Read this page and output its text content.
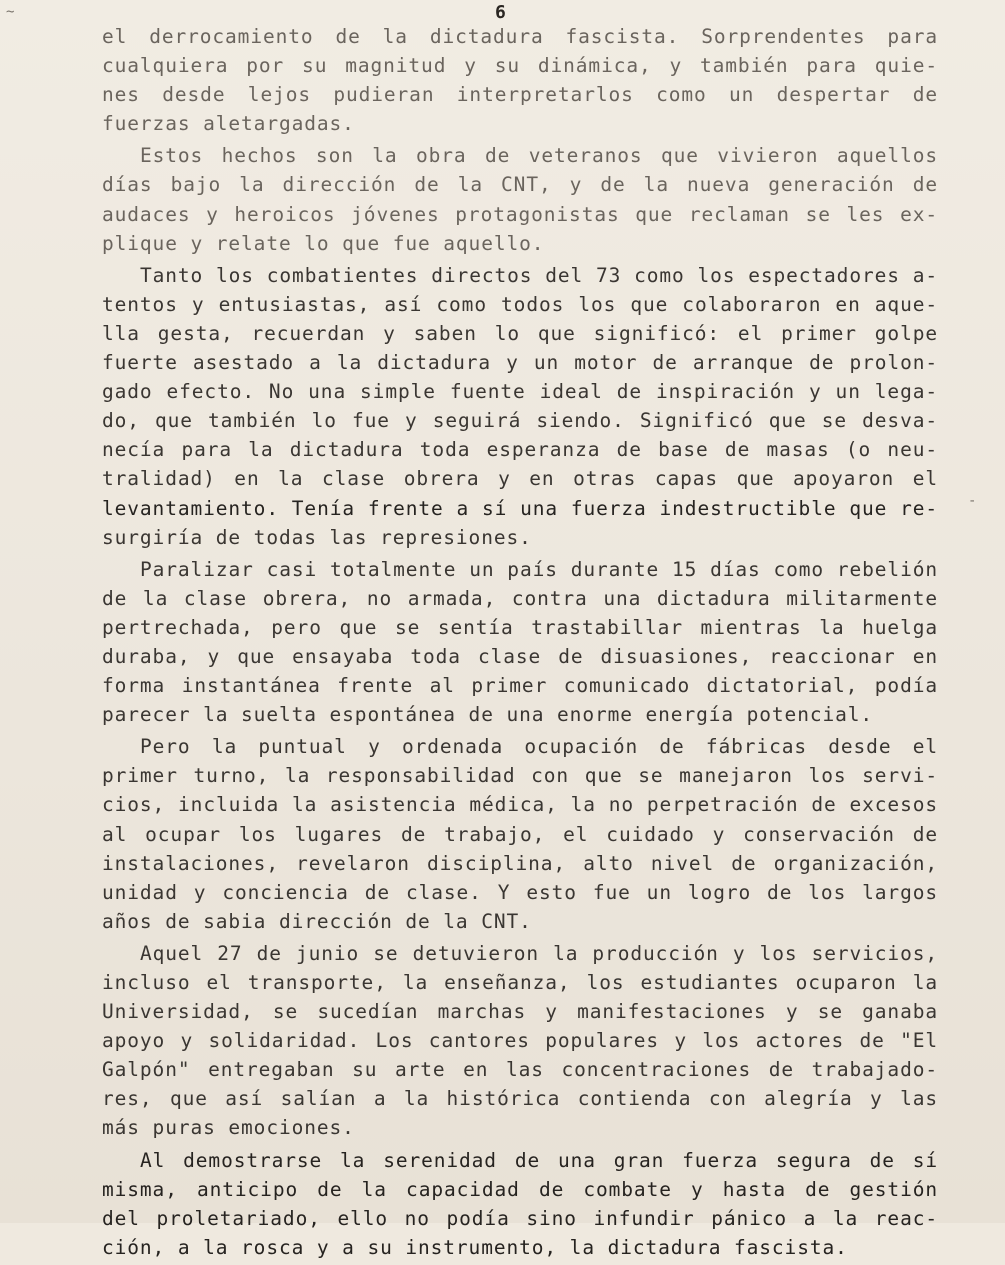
6
~
-
el derrocamiento de la dictadura fascista. Sorprendentes para
cualquiera por su magnitud y su dinámica, y también para quie-
nes desde lejos pudieran interpretarlos como un despertar de
fuerzas aletargadas.
Estos hechos son la obra de veteranos que vivieron aquellos
días bajo la dirección de la CNT, y de la nueva generación de
audaces y heroicos jóvenes protagonistas que reclaman se les ex-
plique y relate lo que fue aquello.
Tanto los combatientes directos del 73 como los espectadores a-
tentos y entusiastas, así como todos los que colaboraron en aque-
lla gesta, recuerdan y saben lo que significó: el primer golpe
fuerte asestado a la dictadura y un motor de arranque de prolon-
gado efecto. No una simple fuente ideal de inspiración y un lega-
do, que también lo fue y seguirá siendo. Significó que se desva-
necía para la dictadura toda esperanza de base de masas (o neu-
tralidad) en la clase obrera y en otras capas que apoyaron el
levantamiento. Tenía frente a sí una fuerza indestructible que re-
surgiría de todas las represiones.
Paralizar casi totalmente un país durante 15 días como rebelión
de la clase obrera, no armada, contra una dictadura militarmente
pertrechada, pero que se sentía trastabillar mientras la huelga
duraba, y que ensayaba toda clase de disuasiones, reaccionar en
forma instantánea frente al primer comunicado dictatorial, podía
parecer la suelta espontánea de una enorme energía potencial.
Pero la puntual y ordenada ocupación de fábricas desde el
primer turno, la responsabilidad con que se manejaron los servi-
cios, incluida la asistencia médica, la no perpetración de excesos
al ocupar los lugares de trabajo, el cuidado y conservación de
instalaciones, revelaron disciplina, alto nivel de organización,
unidad y conciencia de clase. Y esto fue un logro de los largos
años de sabia dirección de la CNT.
Aquel 27 de junio se detuvieron la producción y los servicios,
incluso el transporte, la enseñanza, los estudiantes ocuparon la
Universidad, se sucedían marchas y manifestaciones y se ganaba
apoyo y solidaridad. Los cantores populares y los actores de "El
Galpón" entregaban su arte en las concentraciones de trabajado-
res, que así salían a la histórica contienda con alegría y las
más puras emociones.
Al demostrarse la serenidad de una gran fuerza segura de sí
misma, anticipo de la capacidad de combate y hasta de gestión
del proletariado, ello no podía sino infundir pánico a la reac-
ción, a la rosca y a su instrumento, la dictadura fascista.
